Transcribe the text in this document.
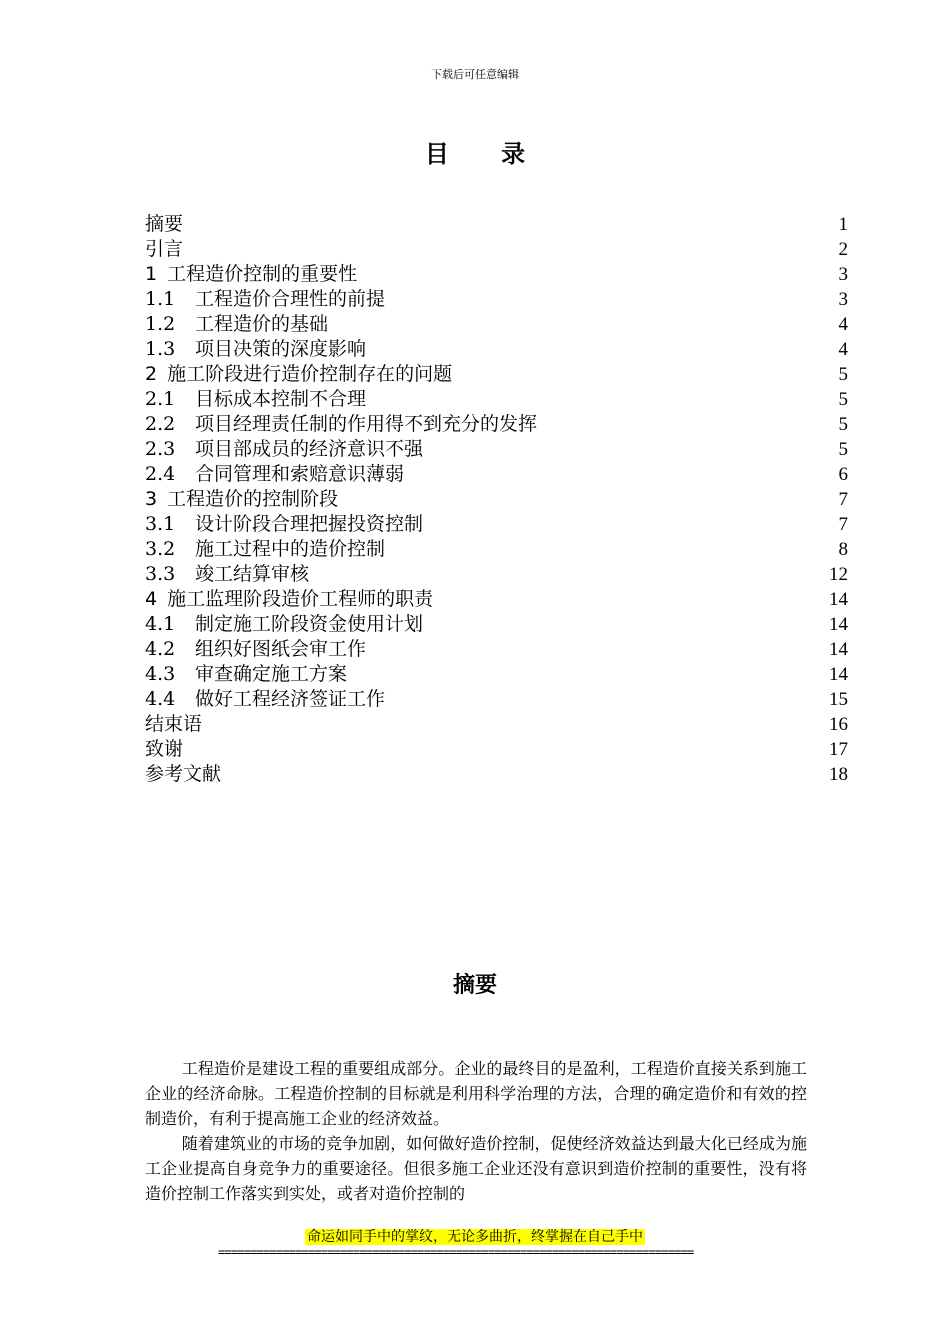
下载后可任意编辑
目 录
摘要	1
引言	2
1 工程造价控制的重要性	3
1.1	工程造价合理性的前提	3
1.2	工程造价的基础	4
1.3	项目决策的深度影响	4
2 施工阶段进行造价控制存在的问题	5
2.1	目标成本控制不合理	5
2.2	项目经理责任制的作用得不到充分的发挥	5
2.3	项目部成员的经济意识不强	5
2.4	合同管理和索赔意识薄弱	6
3 工程造价的控制阶段	7
3.1	设计阶段合理把握投资控制	7
3.2	施工过程中的造价控制	8
3.3	竣工结算审核	12
4 施工监理阶段造价工程师的职责	14
4.1	制定施工阶段资金使用计划	14
4.2	组织好图纸会审工作	14
4.3	审查确定施工方案	14
4.4	做好工程经济签证工作	15
结束语	16
致谢	17
参考文献	18
摘要

工程造价是建设工程的重要组成部分。企业的最终目的是盈利，工程造价直接关系到施工企业的经济命脉。工程造价控制的目标就是利用科学治理的方法，合理的确定造价和有效的控制造价，有利于提高施工企业的经济效益。

随着建筑业的市场的竞争加剧，如何做好造价控制，促使经济效益达到最大化已经成为施工企业提高自身竞争力的重要途径。但很多施工企业还没有意识到造价控制的重要性，没有将造价控制工作落实到实处，或者对造价控制的

命运如同手中的掌纹，无论多曲折，终掌握在自己手中
==========================================================================
